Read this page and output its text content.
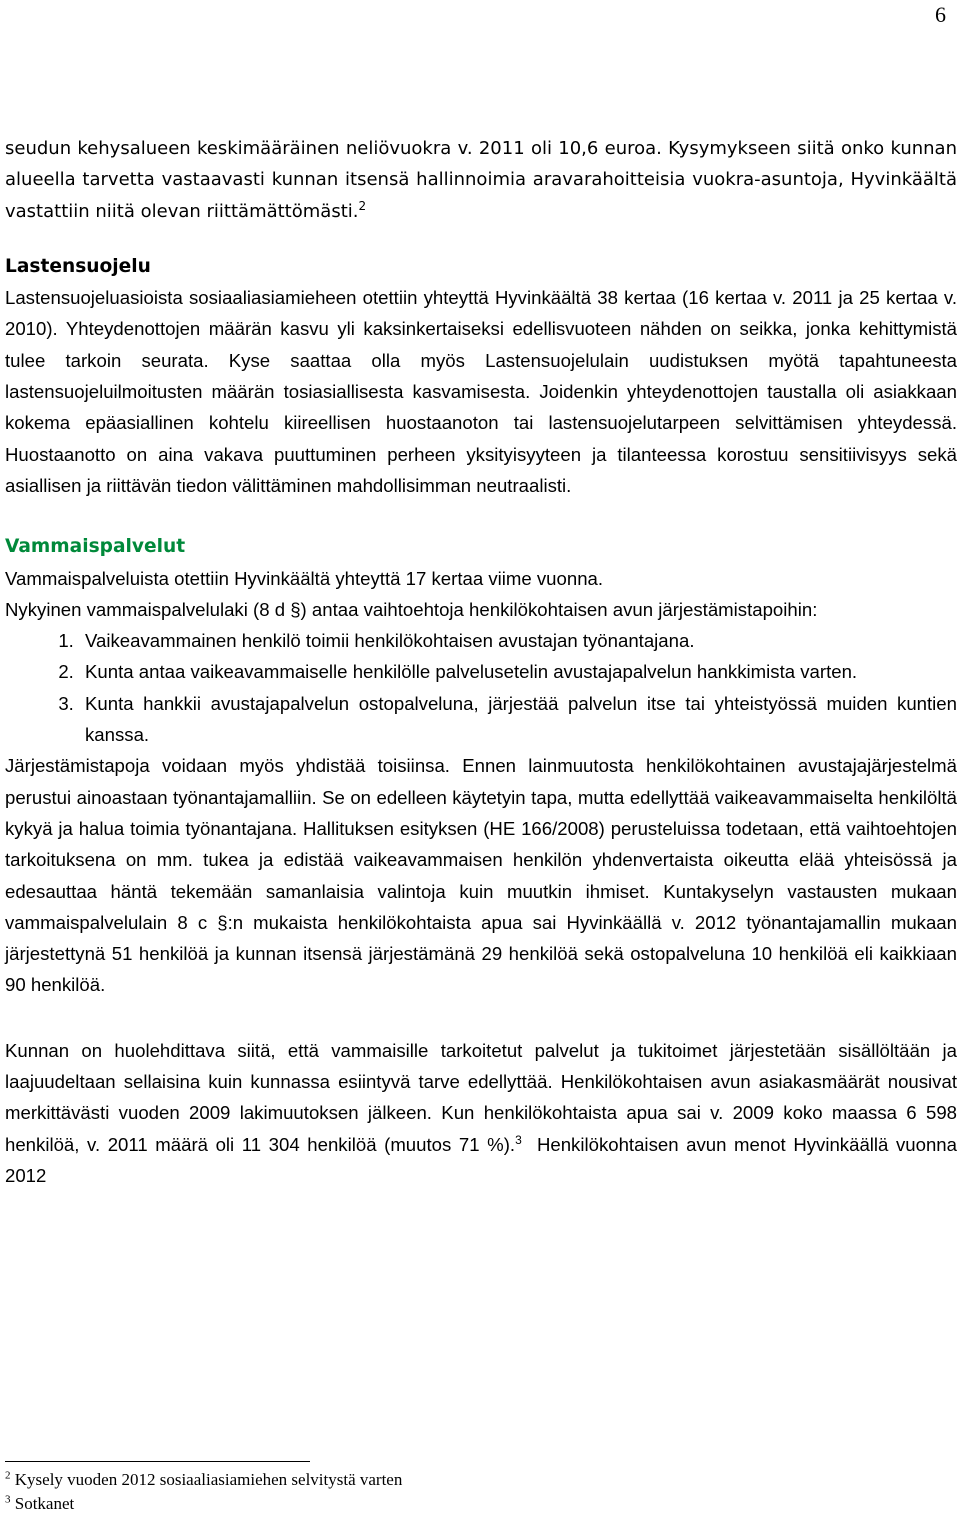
6

seudun kehysalueen keskimääräinen neliövuokra v. 2011 oli 10,6 euroa. Kysymykseen siitä onko kunnan alueella tarvetta vastaavasti kunnan itsensä hallinnoimia aravarahoitteisia vuokra-asuntoja, Hyvinkäältä vastattiin niitä olevan riittämättömästi.$^2$

Lastensuojelu

Lastensuojeluasioista sosiaaliasiamieheen otettiin yhteyttä Hyvinkäältä 38 kertaa (16 kertaa v. 2011 ja 25 kertaa v. 2010). Yhteydenottojen määrän kasvu yli kaksinkertaiseksi edellisvuoteen nähden on seikka, jonka kehittymistä tulee tarkoin seurata. Kyse saattaa olla myös Lastensuojelulain uudistuksen myötä tapahtuneesta lastensuojeluilmoitusten määrän tosiasiallisesta kasvamisesta. Joidenkin yhteydenottojen taustalla oli asiakkaan kokema epäasiallinen kohtelu kiireellisen huostaanoton tai lastensuojelutarpeen selvittämisen yhteydessä. Huostaanotto on aina vakava puuttuminen perheen yksityisyyteen ja tilanteessa korostuu sensitiivisyys sekä asiallisen ja riittävän tiedon välittäminen mahdollisimman neutraalisti.

Vammaispalvelut

Vammaispalveluista otettiin Hyvinkäältä yhteyttä 17 kertaa viime vuonna.

Nykyinen vammaispalvelulaki (8 d §) antaa vaihtoehtoja henkilökohtaisen avun järjestämistapoihin:

1. Vaikeavammainen henkilö toimii henkilökohtaisen avustajan työnantajana.
2. Kunta antaa vaikeavammaiselle henkilölle palvelusetelin avustajapalvelun hankkimista varten.
3. Kunta hankkii avustajapalvelun ostopalveluna, järjestää palvelun itse tai yhteistyössä muiden kuntien kanssa.

Järjestämistapoja voidaan myös yhdistää toisiinsa. Ennen lainmuutosta henkilökohtainen avustajajärjestelmä perustui ainoastaan työnantajamalliin. Se on edelleen käytetyin tapa, mutta edellyttää vaikeavammaiselta henkilöltä kykyä ja halua toimia työnantajana. Hallituksen esityksen (HE 166/2008) perusteluissa todetaan, että vaihtoehtojen tarkoituksena on mm. tukea ja edistää vaikeavammaisen henkilön yhdenvertaista oikeutta elää yhteisössä ja edesauttaa häntä tekemään samanlaisia valintoja kuin muutkin ihmiset. Kuntakyselyn vastausten mukaan vammaispalvelulain 8 c §:n mukaista henkilökohtaista apua sai Hyvinkäällä v. 2012 työnantajamallin mukaan järjestettynä 51 henkilöä ja kunnan itsensä järjestämänä 29 henkilöä sekä ostopalveluna 10 henkilöä eli kaikkiaan 90 henkilöä.

Kunnan on huolehdittava siitä, että vammaisille tarkoitetut palvelut ja tukitoimet järjestetään sisällöltään ja laajuudeltaan sellaisina kuin kunnassa esiintyvä tarve edellyttää. Henkilökohtaisen avun asiakasmäärät nousivat merkittävästi vuoden 2009 lakimuutoksen jälkeen. Kun henkilökohtaista apua sai v. 2009 koko maassa 6 598 henkilöä, v. 2011 määrä oli 11 304 henkilöä (muutos 71 %).$^3$ Henkilökohtaisen avun menot Hyvinkäällä vuonna 2012

$^2$ Kysely vuoden 2012 sosiaaliasiamiehen selvitystä varten
$^3$ Sotkanet
